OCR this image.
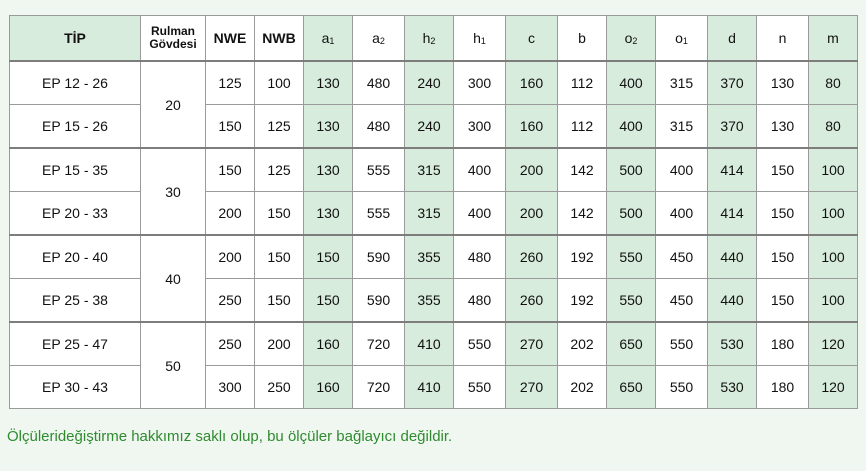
TİP	Rulman
Gövdesi	NWE	NWB	$a_1$	$a_2$	$h_2$	$h_1$	c	b	$o_2$	$o_1$	d	n	m
EP 12 - 26	20	125	100	130	480	240	300	160	112	400	315	370	130	80
EP 15 - 26		150	125	130	480	240	300	160	112	400	315	370	130	80
EP 15 - 35	30	150	125	130	555	315	400	200	142	500	400	414	150	100
EP 20 - 33		200	150	130	555	315	400	200	142	500	400	414	150	100
EP 20 - 40	40	200	150	150	590	355	480	260	192	550	450	440	150	100
EP 25 - 38		250	150	150	590	355	480	260	192	550	450	440	150	100
EP 25 - 47	50	250	200	160	720	410	550	270	202	650	550	530	180	120
EP 30 - 43		300	250	160	720	410	550	270	202	650	550	530	180	120
Ölçülerideğiştirme hakkımız saklı olup, bu ölçüler bağlayıcı değildir.
